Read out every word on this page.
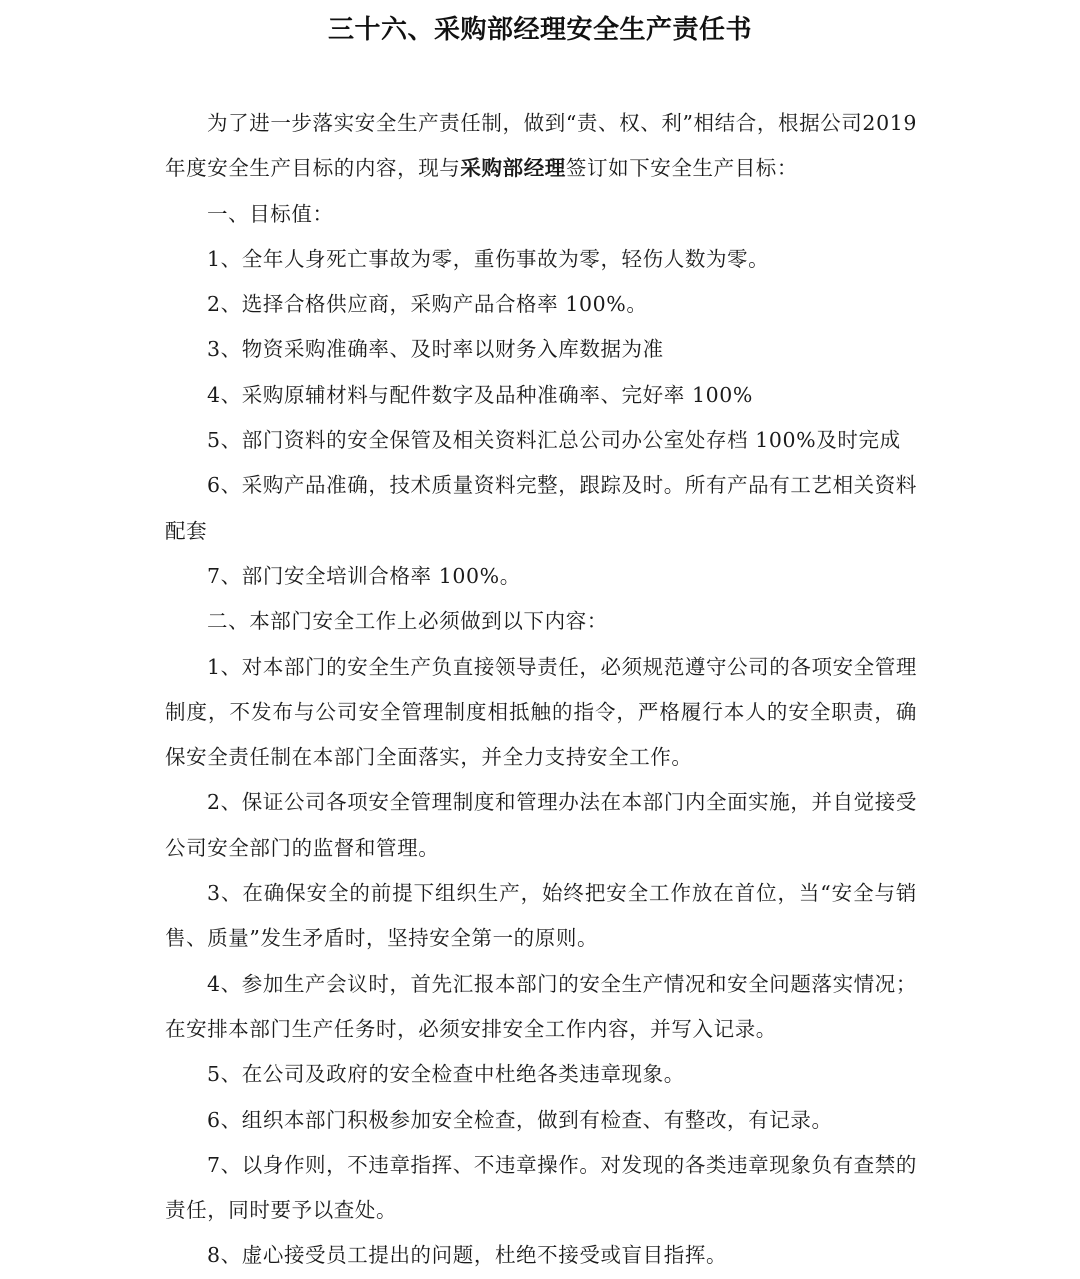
三十六、采购部经理安全生产责任书

为了进一步落实安全生产责任制，做到“责、权、利”相结合，根据公司2019 年度安全生产目标的内容，现与采购部经理签订如下安全生产目标：

一、目标值：

1、全年人身死亡事故为零，重伤事故为零，轻伤人数为零。

2、选择合格供应商，采购产品合格率 100%。

3、物资采购准确率、及时率以财务入库数据为准

4、采购原辅材料与配件数字及品种准确率、完好率 100%

5、部门资料的安全保管及相关资料汇总公司办公室处存档 100%及时完成

6、采购产品准确，技术质量资料完整，跟踪及时。所有产品有工艺相关资料配套

7、部门安全培训合格率 100%。

二、本部门安全工作上必须做到以下内容：

1、对本部门的安全生产负直接领导责任，必须规范遵守公司的各项安全管理制度，不发布与公司安全管理制度相抵触的指令，严格履行本人的安全职责，确保安全责任制在本部门全面落实，并全力支持安全工作。

2、保证公司各项安全管理制度和管理办法在本部门内全面实施，并自觉接受公司安全部门的监督和管理。

3、在确保安全的前提下组织生产，始终把安全工作放在首位，当“安全与销售、质量”发生矛盾时，坚持安全第一的原则。

4、参加生产会议时，首先汇报本部门的安全生产情况和安全问题落实情况；在安排本部门生产任务时，必须安排安全工作内容，并写入记录。

5、在公司及政府的安全检查中杜绝各类违章现象。

6、组织本部门积极参加安全检查，做到有检查、有整改，有记录。

7、以身作则，不违章指挥、不违章操作。对发现的各类违章现象负有查禁的责任，同时要予以查处。

8、虚心接受员工提出的问题，杜绝不接受或盲目指挥。
